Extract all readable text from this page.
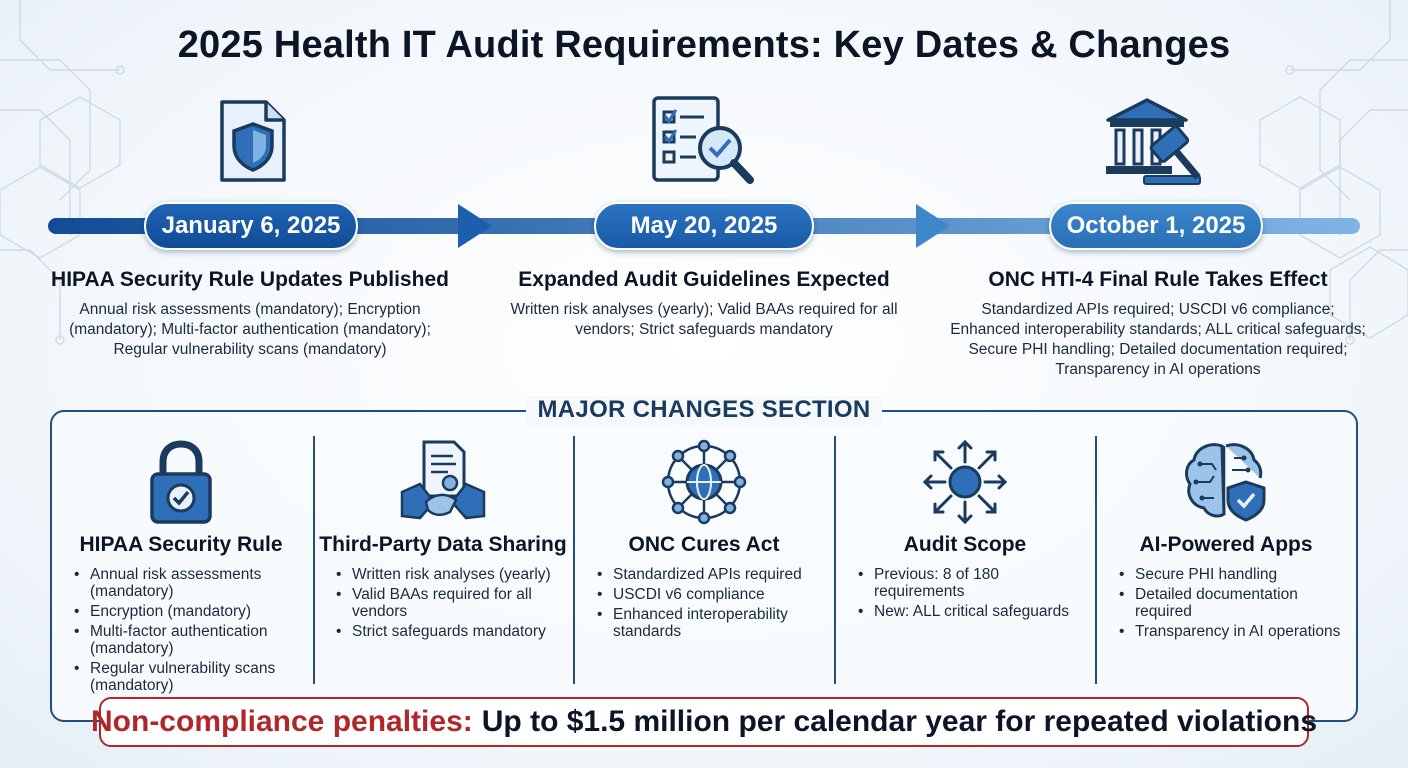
2025 Health IT Audit Requirements: Key Dates & Changes
January 6, 2025	May 20, 2025	October 1, 2025
HIPAA Security Rule Updates Published

Annual risk assessments (mandatory); Encryption (mandatory); Multi-factor authentication (mandatory); Regular vulnerability scans (mandatory)

Expanded Audit Guidelines Expected

Written risk analyses (yearly); Valid BAAs required for all vendors; Strict safeguards mandatory

ONC HTI-4 Final Rule Takes Effect

Standardized APIs required; USCDI v6 compliance; Enhanced interoperability standards; ALL critical safeguards; Secure PHI handling; Detailed documentation required; Transparency in AI operations

MAJOR CHANGES SECTION
HIPAA Security Rule
• Annual risk assessments (mandatory)
• Encryption (mandatory)
• Multi-factor authentication (mandatory)
• Regular vulnerability scans (mandatory)
Third-Party Data Sharing
• Written risk analyses (yearly)
• Valid BAAs required for all vendors
• Strict safeguards mandatory
ONC Cures Act
• Standardized APIs required
• USCDI v6 compliance
• Enhanced interoperability standards
Audit Scope
• Previous: 8 of 180 requirements
• New: ALL critical safeguards
AI-Powered Apps
• Secure PHI handling
• Detailed documentation required
• Transparency in AI operations
Non-compliance penalties: Up to $1.5 million per calendar year for repeated violations
